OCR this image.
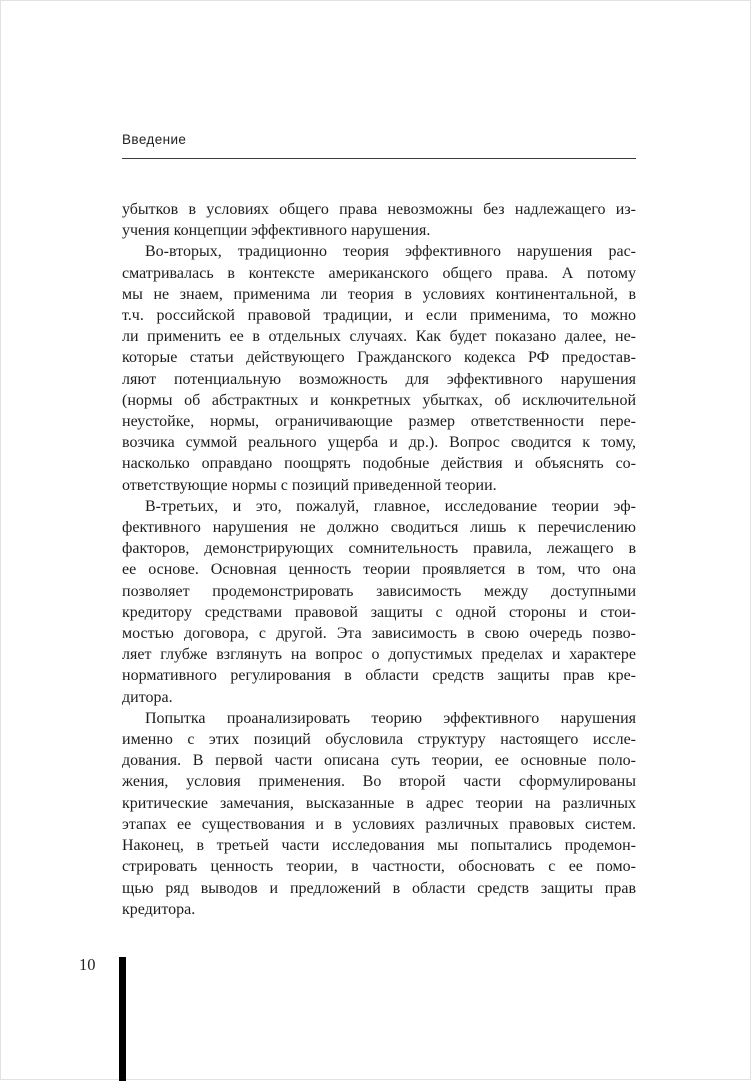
Введение
убытков в условиях общего права невозможны без надлежащего из-
учения концепции эффективного нарушения.
Во-вторых, традиционно теория эффективного нарушения рас-
сматривалась в контексте американского общего права. А потому
мы не знаем, применима ли теория в условиях континентальной, в
т.ч. российской правовой традиции, и если применима, то можно
ли применить ее в отдельных случаях. Как будет показано далее, не-
которые статьи действующего Гражданского кодекса РФ предостав-
ляют потенциальную возможность для эффективного нарушения
(нормы об абстрактных и конкретных убытках, об исключительной
неустойке, нормы, ограничивающие размер ответственности пере-
возчика суммой реального ущерба и др.). Вопрос сводится к тому,
насколько оправдано поощрять подобные действия и объяснять со-
ответствующие нормы с позиций приведенной теории.
В-третьих, и это, пожалуй, главное, исследование теории эф-
фективного нарушения не должно сводиться лишь к перечислению
факторов, демонстрирующих сомнительность правила, лежащего в
ее основе. Основная ценность теории проявляется в том, что она
позволяет продемонстрировать зависимость между доступными
кредитору средствами правовой защиты с одной стороны и стои-
мостью договора, с другой. Эта зависимость в свою очередь позво-
ляет глубже взглянуть на вопрос о допустимых пределах и характере
нормативного регулирования в области средств защиты прав кре-
дитора.
Попытка проанализировать теорию эффективного нарушения
именно с этих позиций обусловила структуру настоящего иссле-
дования. В первой части описана суть теории, ее основные поло-
жения, условия применения. Во второй части сформулированы
критические замечания, высказанные в адрес теории на различных
этапах ее существования и в условиях различных правовых систем.
Наконец, в третьей части исследования мы попытались продемон-
стрировать ценность теории, в частности, обосновать с ее помо-
щью ряд выводов и предложений в области средств защиты прав
кредитора.
10
